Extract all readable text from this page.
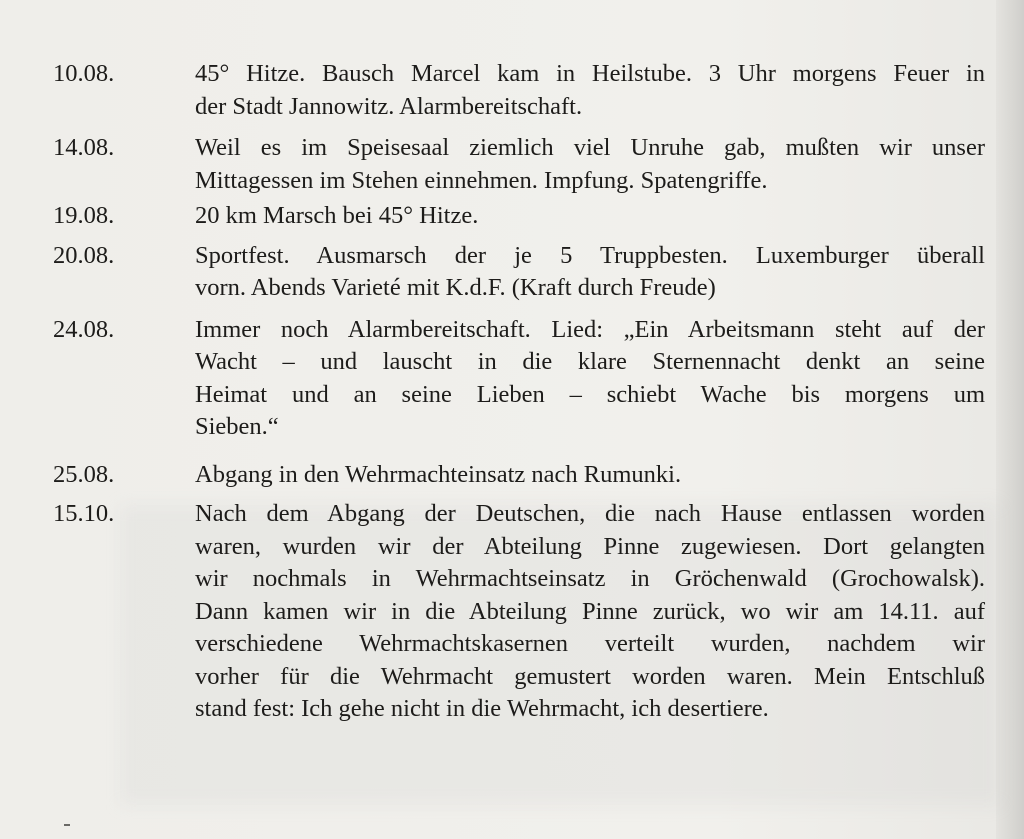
10.08.	45° Hitze. Bausch Marcel kam in Heilstube. 3 Uhr morgens Feuer in
der Stadt Jannowitz. Alarmbereitschaft.
14.08.	Weil es im Speisesaal ziemlich viel Unruhe gab, mußten wir unser
Mittagessen im Stehen einnehmen. Impfung. Spatengriffe.
19.08.	20 km Marsch bei 45° Hitze.
20.08.	Sportfest. Ausmarsch der je 5 Truppbesten. Luxemburger überall
vorn. Abends Varieté mit K.d.F. (Kraft durch Freude)
24.08.	Immer noch Alarmbereitschaft. Lied: „Ein Arbeitsmann steht auf der
Wacht – und lauscht in die klare Sternennacht denkt an seine
Heimat und an seine Lieben – schiebt Wache bis morgens um
Sieben.“
25.08.	Abgang in den Wehrmachteinsatz nach Rumunki.
15.10.	Nach dem Abgang der Deutschen, die nach Hause entlassen worden
waren, wurden wir der Abteilung Pinne zugewiesen. Dort gelangten
wir nochmals in Wehrmachtseinsatz in Gröchenwald (Grochowalsk).
Dann kamen wir in die Abteilung Pinne zurück, wo wir am 14.11. auf
verschiedene Wehrmachtskasernen verteilt wurden, nachdem wir
vorher für die Wehrmacht gemustert worden waren. Mein Entschluß
stand fest: Ich gehe nicht in die Wehrmacht, ich desertiere.
